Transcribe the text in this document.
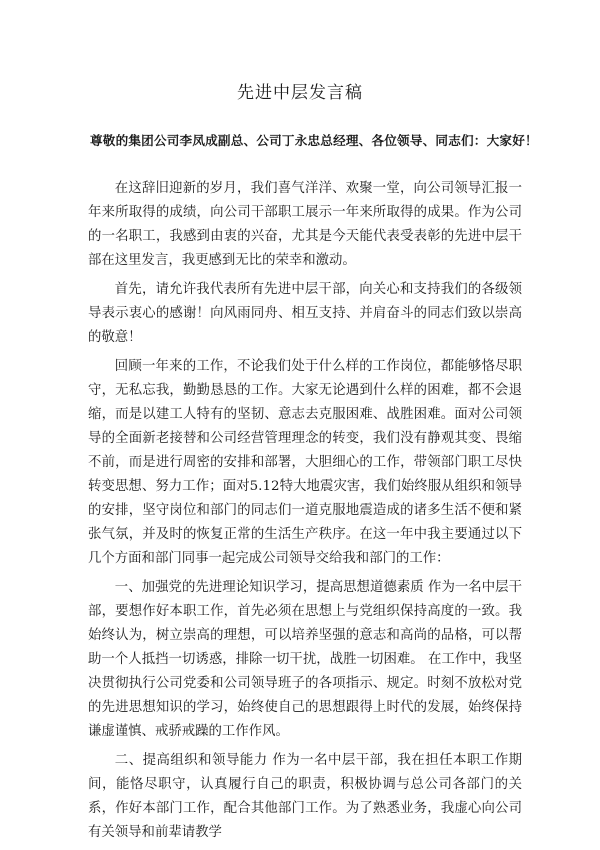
先进中层发言稿
尊敬的集团公司李凤成副总、公司丁永忠总经理、各位领导、同志们：大家好！

在这辞旧迎新的岁月，我们喜气洋洋、欢聚一堂，向公司领导汇报一年来所取得的成绩，向公司干部职工展示一年来所取得的成果。作为公司的一名职工，我感到由衷的兴奋，尤其是今天能代表受表彰的先进中层干部在这里发言，我更感到无比的荣幸和激动。

首先，请允许我代表所有先进中层干部，向关心和支持我们的各级领导表示衷心的感谢！向风雨同舟、相互支持、并肩奋斗的同志们致以崇高的敬意！

回顾一年来的工作，不论我们处于什么样的工作岗位，都能够恪尽职守，无私忘我，勤勤恳恳的工作。大家无论遇到什么样的困难，都不会退缩，而是以建工人特有的坚韧、意志去克服困难、战胜困难。面对公司领导的全面新老接替和公司经营管理理念的转变，我们没有静观其变、畏缩不前，而是进行周密的安排和部署，大胆细心的工作，带领部门职工尽快转变思想、努力工作；面对5.12特大地震灾害，我们始终服从组织和领导的安排，坚守岗位和部门的同志们一道克服地震造成的诸多生活不便和紧张气氛，并及时的恢复正常的生活生产秩序。在这一年中我主要通过以下几个方面和部门同事一起完成公司领导交给我和部门的工作：

一、加强党的先进理论知识学习，提高思想道德素质 作为一名中层干部，要想作好本职工作，首先必须在思想上与党组织保持高度的一致。我始终认为，树立崇高的理想，可以培养坚强的意志和高尚的品格，可以帮助一个人抵挡一切诱惑，排除一切干扰，战胜一切困难。 在工作中，我坚决贯彻执行公司党委和公司领导班子的各项指示、规定。时刻不放松对党的先进思想知识的学习，始终使自己的思想跟得上时代的发展，始终保持谦虚谨慎、戒骄戒躁的工作作风。

二、提高组织和领导能力 作为一名中层干部，我在担任本职工作期间，能恪尽职守，认真履行自己的职责，积极协调与总公司各部门的关系，作好本部门工作，配合其他部门工作。为了熟悉业务，我虚心向公司有关领导和前辈请教学
